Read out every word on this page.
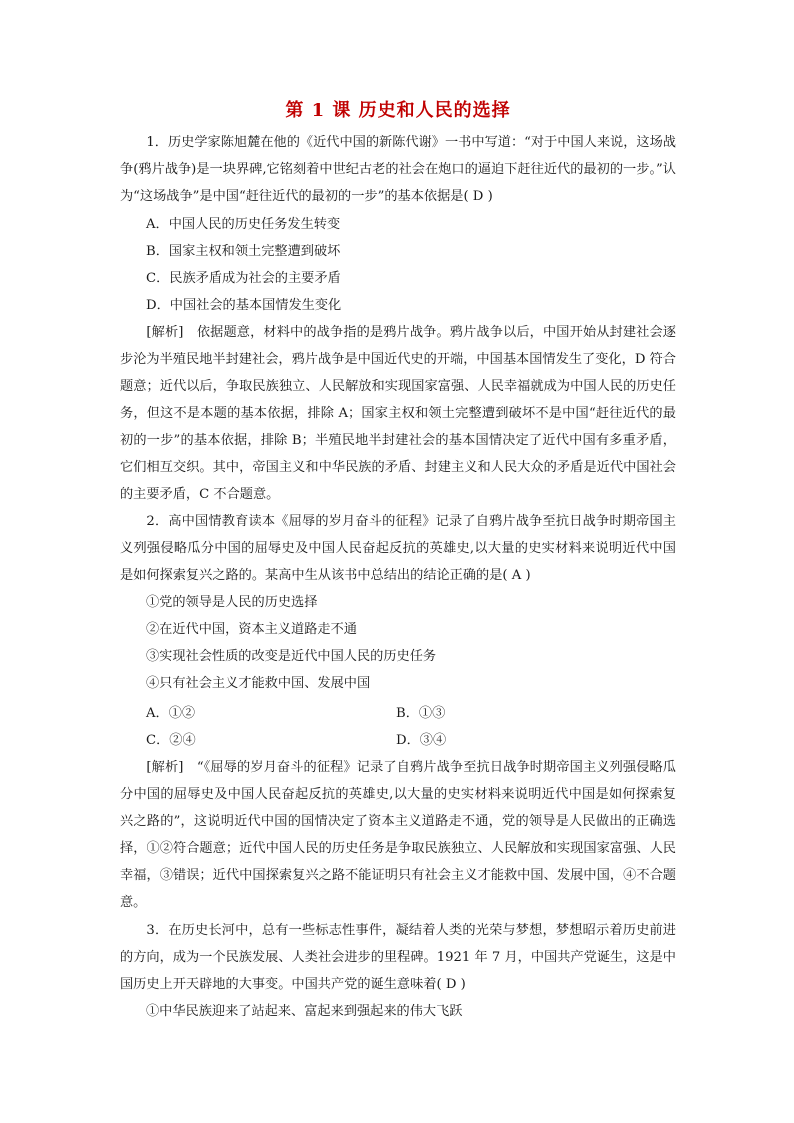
第 1 课 历史和人民的选择

1．历史学家陈旭麓在他的《近代中国的新陈代谢》一书中写道：“对于中国人来说，这场战争(鸦片战争)是一块界碑,它铭刻着中世纪古老的社会在炮口的逼迫下赶往近代的最初的一步。”认为“这场战争”是中国“赶往近代的最初的一步”的基本依据是( D )

A．中国人民的历史任务发生转变
B．国家主权和领土完整遭到破坏
C．民族矛盾成为社会的主要矛盾
D．中国社会的基本国情发生变化

[解析]　依据题意，材料中的战争指的是鸦片战争。鸦片战争以后，中国开始从封建社会逐步沦为半殖民地半封建社会，鸦片战争是中国近代史的开端，中国基本国情发生了变化，D 符合题意；近代以后，争取民族独立、人民解放和实现国家富强、人民幸福就成为中国人民的历史任务，但这不是本题的基本依据，排除 A；国家主权和领土完整遭到破坏不是中国“赶往近代的最初的一步”的基本依据，排除 B；半殖民地半封建社会的基本国情决定了近代中国有多重矛盾，它们相互交织。其中，帝国主义和中华民族的矛盾、封建主义和人民大众的矛盾是近代中国社会的主要矛盾，C 不合题意。

2．高中国情教育读本《屈辱的岁月奋斗的征程》记录了自鸦片战争至抗日战争时期帝国主义列强侵略瓜分中国的屈辱史及中国人民奋起反抗的英雄史,以大量的史实材料来说明近代中国是如何探索复兴之路的。某高中生从该书中总结出的结论正确的是( A )

①党的领导是人民的历史选择
②在近代中国，资本主义道路走不通
③实现社会性质的改变是近代中国人民的历史任务
④只有社会主义才能救中国、发展中国
A．①②	B．①③
C．②④	D．③④

[解析]　“《屈辱的岁月奋斗的征程》记录了自鸦片战争至抗日战争时期帝国主义列强侵略瓜分中国的屈辱史及中国人民奋起反抗的英雄史,以大量的史实材料来说明近代中国是如何探索复兴之路的”，这说明近代中国的国情决定了资本主义道路走不通，党的领导是人民做出的正确选择，①②符合题意；近代中国人民的历史任务是争取民族独立、人民解放和实现国家富强、人民幸福，③错误；近代中国探索复兴之路不能证明只有社会主义才能救中国、发展中国，④不合题意。

3．在历史长河中，总有一些标志性事件，凝结着人类的光荣与梦想，梦想昭示着历史前进的方向，成为一个民族发展、人类社会进步的里程碑。1921 年 7 月，中国共产党诞生，这是中国历史上开天辟地的大事变。中国共产党的诞生意味着( D )

①中华民族迎来了站起来、富起来到强起来的伟大飞跃
